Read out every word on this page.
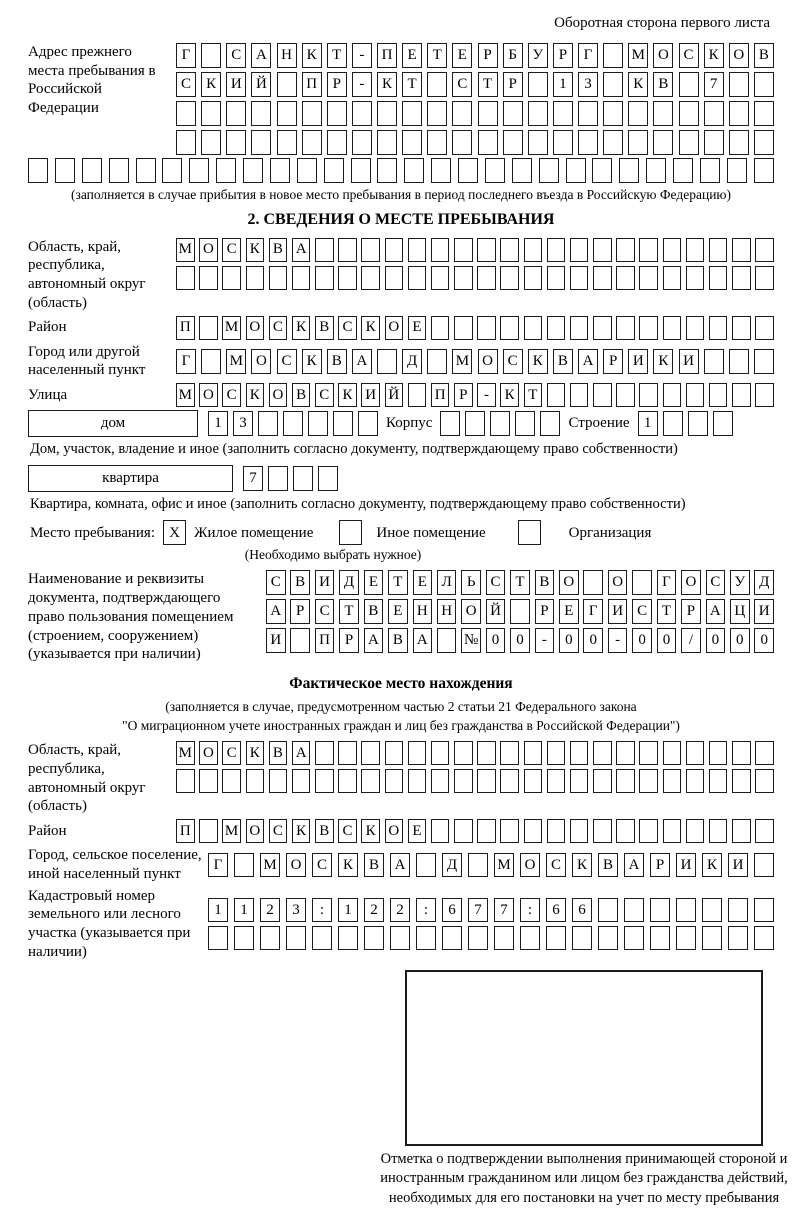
Оборотная сторона первого листа
Адрес прежнего места пребывания в Российской Федерации
Г	С А Н К	Т	-	П	Е	Т	Е	Р	Б	У	Р	Г	М О С	К О В
С	К И Й	П	Р	-	К	Т	С	Т	Р	1	3	К	В	7
(заполняется в случае прибытия в новое место пребывания в период последнего въезда в Российскую Федерацию)
2. СВЕДЕНИЯ О МЕСТЕ ПРЕБЫВАНИЯ
Область, край, республика, автономный округ (область)
М О С К В А
Район	П М О С К В С К О Е
Город или другой населенный пункт
Г	М О С	К	В А	Д	М О С	К	В А	Р	И К И
Улица	М О С К О В С К И Й П Р	-	К Т
дом	1	3	Корпус	Строение 1
Дом, участок, владение и иное (заполнить согласно документу, подтверждающему право собственности)
квартира	7
Квартира, комната, офис и иное (заполнить согласно документу, подтверждающему право собственности)
Место пребывания: X Жилое помещение	Иное помещение	Организация
(Необходимо выбрать нужное)
Наименование и реквизиты документа, подтверждающего право пользования помещением (строением, сооружением) (указывается при наличии)
С В И Д Е	Т	Е Л	Ь	С Т В О	О	Г О С У Д
А Р	С Т В Е Н Н О Й	Р	Е	Г И С Т	Р А Ц И
И	П Р А В А № 0	0	-	0	0	-	0	0	/	0	0	0
Фактическое место нахождения
(заполняется в случае, предусмотренном частью 2 статьи 21 Федерального закона
"О миграционном учете иностранных граждан и лиц без гражданства в Российской Федерации")
Область, край, республика, автономный округ (область)
М О С К В А
Район	П М О С К В С К О Е
Город, сельское поселение, иной населенный пункт
Г	М О	С	К	В	А	Д	М О	С	К	В	А	Р	И	К	И
Кадастровый номер земельного или лесного участка (указывается при наличии)
1	1	2	3	:	1	2	2	:	6	7	7	:	6	6
Отметка о подтверждении выполнения принимающей стороной и иностранным гражданином или лицом без гражданства действий, необходимых для его постановки на учет по месту пребывания
